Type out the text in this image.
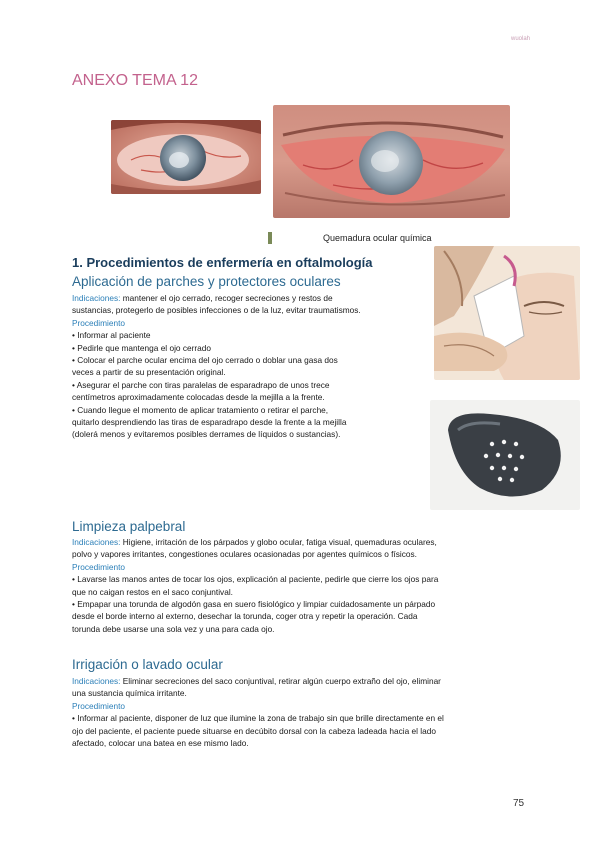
wuolah
ANEXO TEMA 12
Quemadura ocular química
1. Procedimientos de enfermería en oftalmología
Aplicación de parches y protectores oculares
Indicaciones: mantener el ojo cerrado, recoger secreciones y restos de
sustancias, protegerlo de posibles infecciones o de la luz, evitar traumatismos.
Procedimiento
• Informar al paciente
• Pedirle que mantenga el ojo cerrado
• Colocar el parche ocular encima del ojo cerrado o doblar una gasa dos
veces a partir de su presentación original.
• Asegurar el parche con tiras paralelas de esparadrapo de unos trece
centímetros aproximadamente colocadas desde la mejilla a la frente.
• Cuando llegue el momento de aplicar tratamiento o retirar el parche,
quitarlo desprendiendo las tiras de esparadrapo desde la frente a la mejilla
(dolerá menos y evitaremos posibles derrames de líquidos o sustancias).
Limpieza palpebral
Indicaciones: Higiene, irritación de los párpados y globo ocular, fatiga visual, quemaduras oculares,
polvo y vapores irritantes, congestiones oculares ocasionadas por agentes químicos o físicos.
Procedimiento
• Lavarse las manos antes de tocar los ojos, explicación al paciente, pedirle que cierre los ojos para
que no caigan restos en el saco conjuntival.
• Empapar una torunda de algodón gasa en suero fisiológico y limpiar cuidadosamente un párpado
desde el borde interno al externo, desechar la torunda, coger otra y repetir la operación. Cada
torunda debe usarse una sola vez y una para cada ojo.
Irrigación o lavado ocular
Indicaciones: Eliminar secreciones del saco conjuntival, retirar algún cuerpo extraño del ojo, eliminar
una sustancia química irritante.
Procedimiento
• Informar al paciente, disponer de luz que ilumine la zona de trabajo sin que brille directamente en el
ojo del paciente, el paciente puede situarse en decúbito dorsal con la cabeza ladeada hacia el lado
afectado, colocar una batea en ese mismo lado.
75
